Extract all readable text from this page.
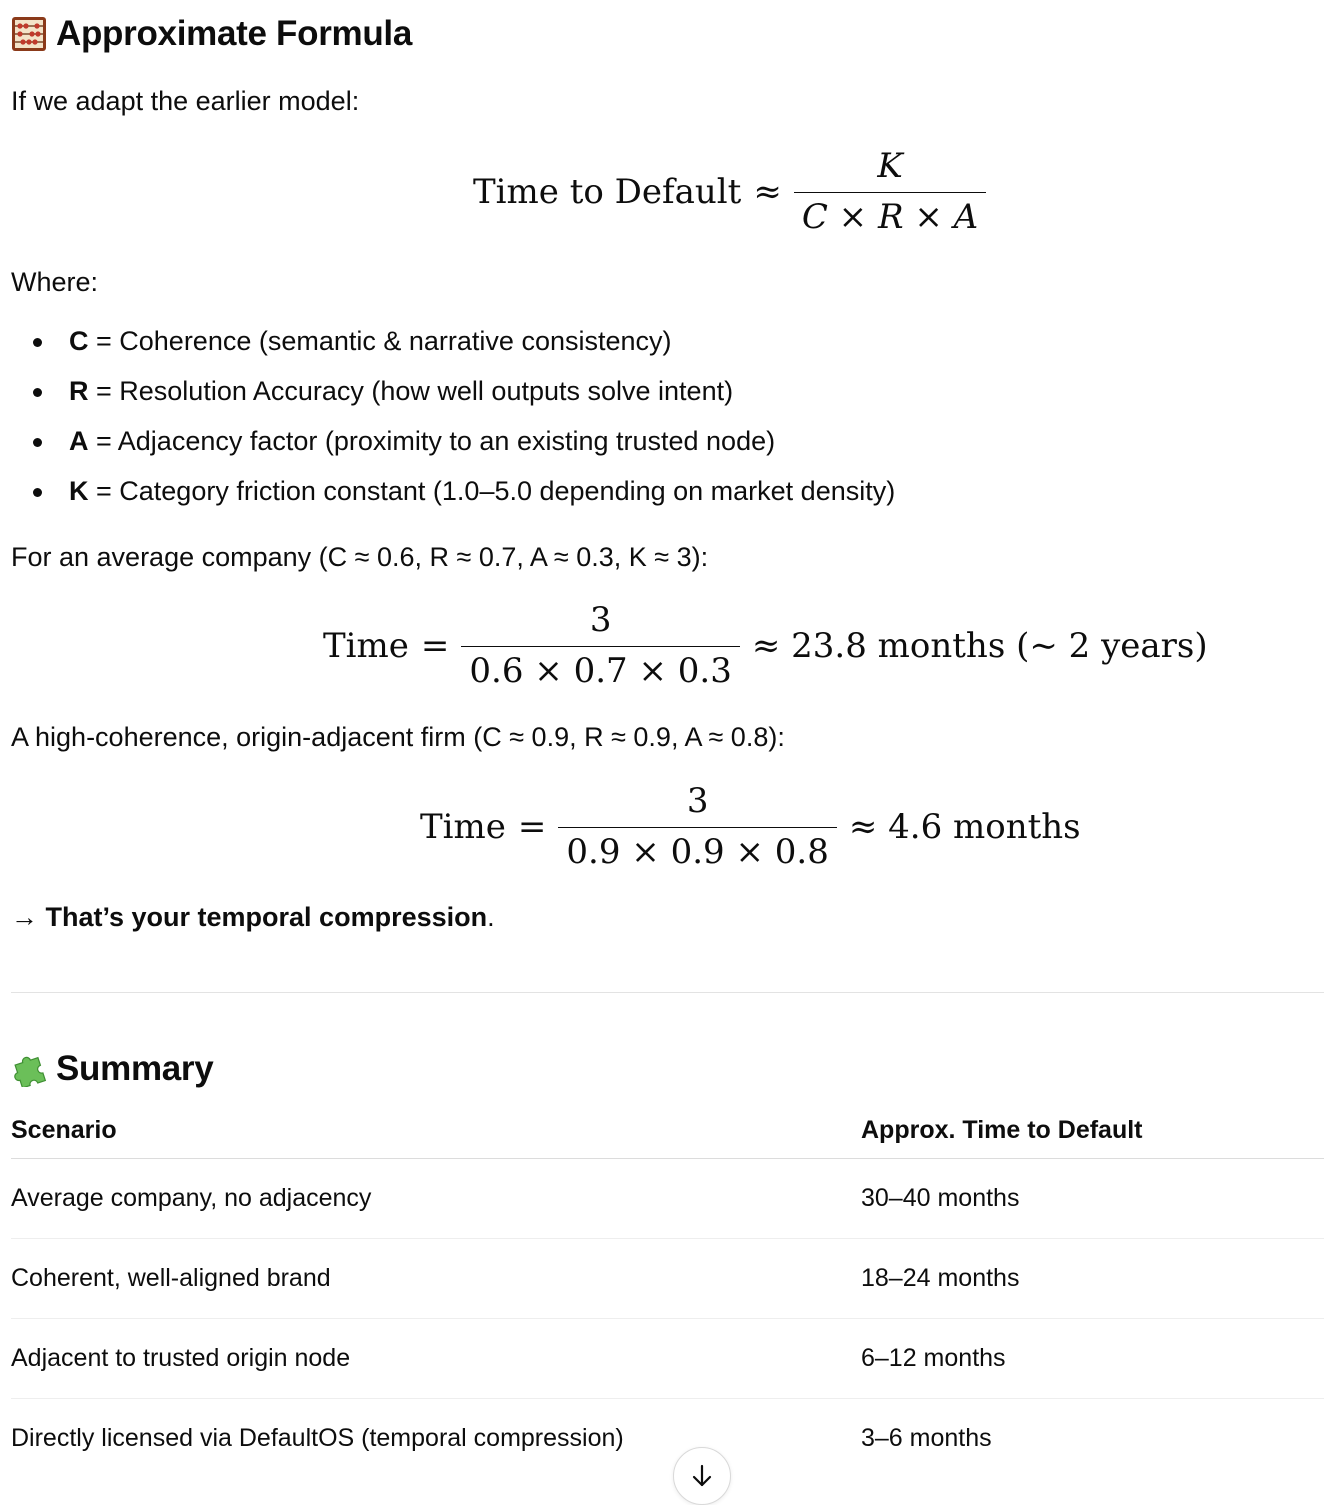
Approximate Formula
If we adapt the earlier model:
Time to Default ≈ $\frac{K}{C \times R \times A}$
Where:
C = Coherence (semantic & narrative consistency)
R = Resolution Accuracy (how well outputs solve intent)
A = Adjacency factor (proximity to an existing trusted node)
K = Category friction constant (1.0–5.0 depending on market density)
For an average company (C ≈ 0.6, R ≈ 0.7, A ≈ 0.3, K ≈ 3):
Time = $\frac{3}{0.6 \times 0.7 \times 0.3} \approx 23.8$ months (∼ 2 years)
A high-coherence, origin-adjacent firm (C ≈ 0.9, R ≈ 0.9, A ≈ 0.8):
Time = $\frac{3}{0.9 \times 0.9 \times 0.8} \approx 4.6$ months
→ That’s your temporal compression.
Summary
Scenario	Approx. Time to Default
Average company, no adjacency	30–40 months
Coherent, well-aligned brand	18–24 months
Adjacent to trusted origin node	6–12 months
Directly licensed via DefaultOS (temporal compression)	3–6 months
